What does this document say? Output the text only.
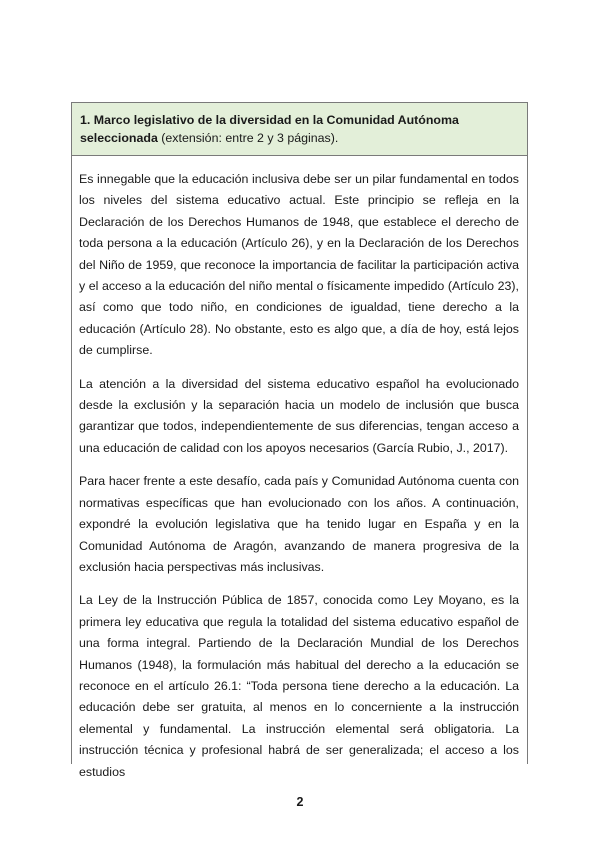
1. Marco legislativo de la diversidad en la Comunidad Autónoma seleccionada (extensión: entre 2 y 3 páginas).

Es innegable que la educación inclusiva debe ser un pilar fundamental en todos los niveles del sistema educativo actual. Este principio se refleja en la Declaración de los Derechos Humanos de 1948, que establece el derecho de toda persona a la educación (Artículo 26), y en la Declaración de los Derechos del Niño de 1959, que reconoce la importancia de facilitar la participación activa y el acceso a la educación del niño mental o físicamente impedido (Artículo 23), así como que todo niño, en condiciones de igualdad, tiene derecho a la educación (Artículo 28). No obstante, esto es algo que, a día de hoy, está lejos de cumplirse.

La atención a la diversidad del sistema educativo español ha evolucionado desde la exclusión y la separación hacia un modelo de inclusión que busca garantizar que todos, independientemente de sus diferencias, tengan acceso a una educación de calidad con los apoyos necesarios (García Rubio, J., 2017).

Para hacer frente a este desafío, cada país y Comunidad Autónoma cuenta con normativas específicas que han evolucionado con los años. A continuación, expondré la evolución legislativa que ha tenido lugar en España y en la Comunidad Autónoma de Aragón, avanzando de manera progresiva de la exclusión hacia perspectivas más inclusivas.

La Ley de la Instrucción Pública de 1857, conocida como Ley Moyano, es la primera ley educativa que regula la totalidad del sistema educativo español de una forma integral. Partiendo de la Declaración Mundial de los Derechos Humanos (1948), la formulación más habitual del derecho a la educación se reconoce en el artículo 26.1: “Toda persona tiene derecho a la educación. La educación debe ser gratuita, al menos en lo concerniente a la instrucción elemental y fundamental. La instrucción elemental será obligatoria. La instrucción técnica y profesional habrá de ser generalizada; el acceso a los estudios

2
